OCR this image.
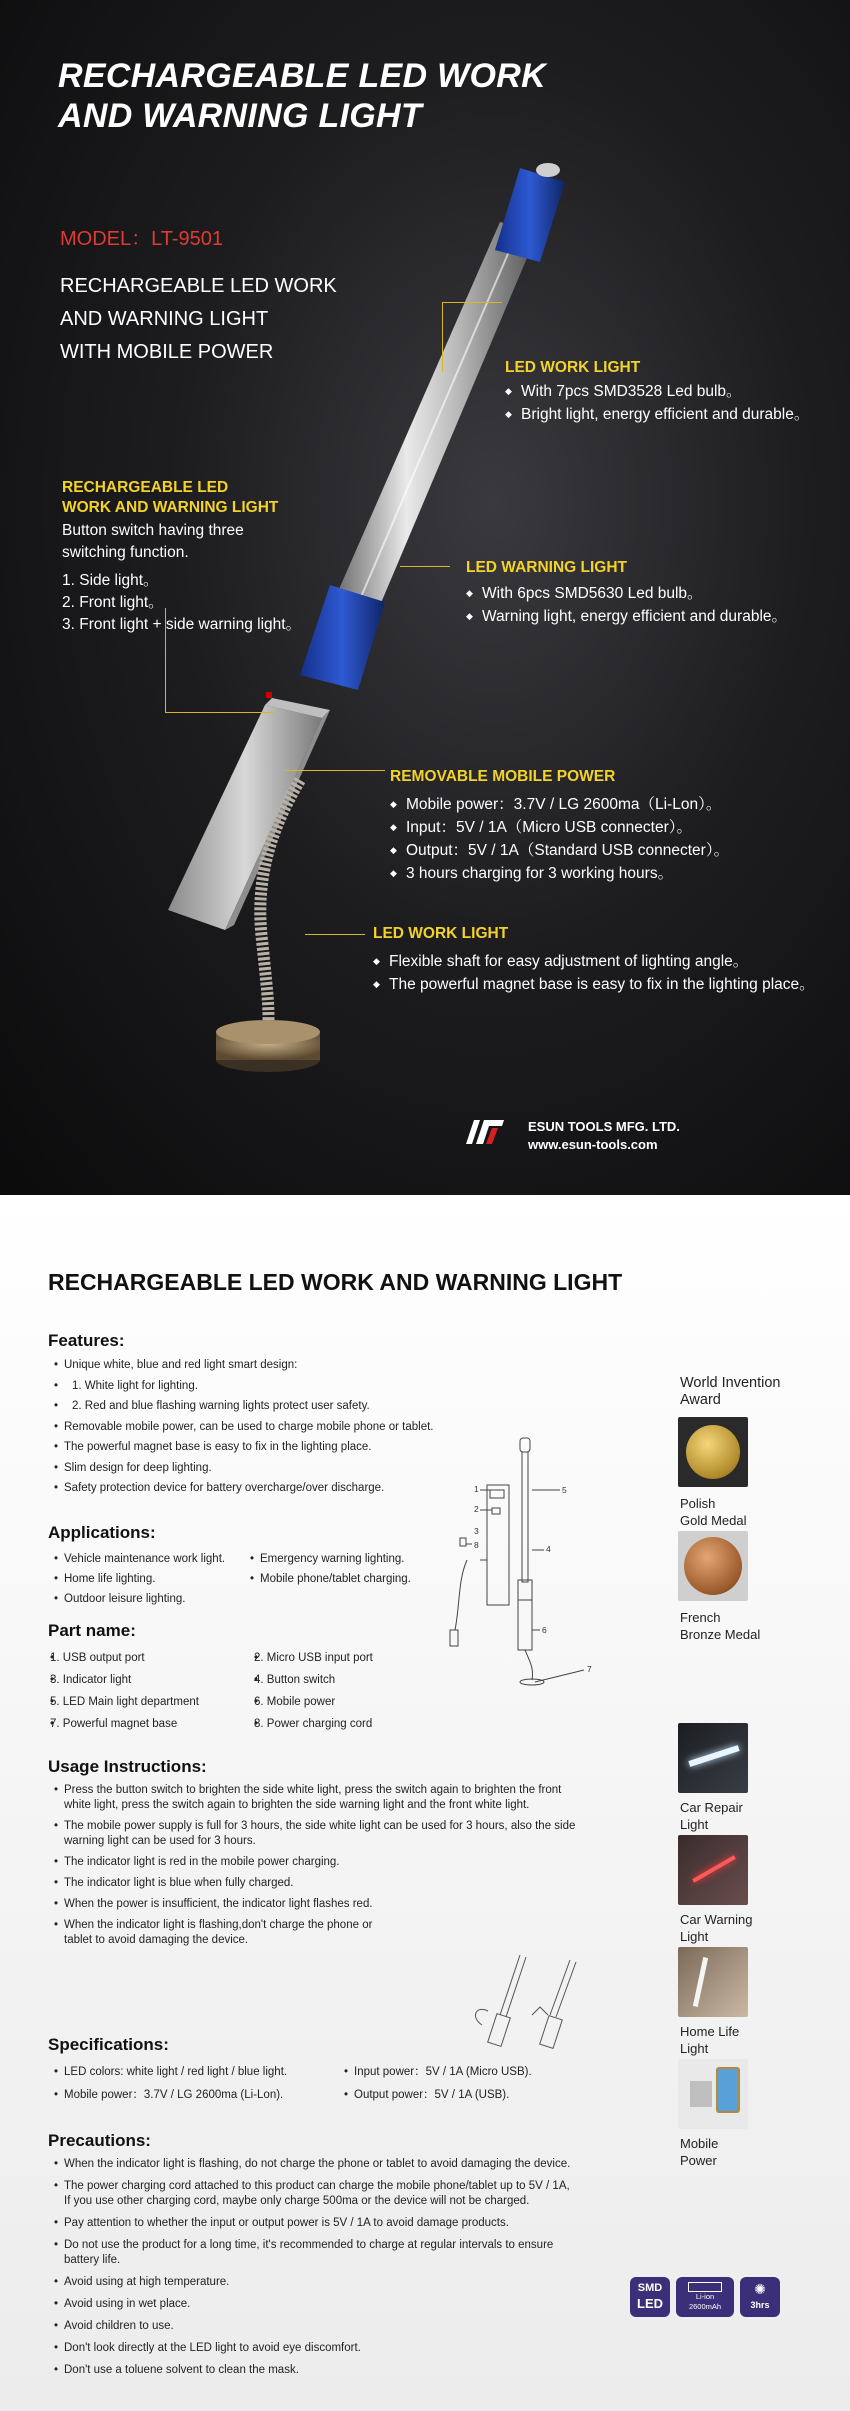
RECHARGEABLE LED WORK
AND WARNING LIGHT
MODEL：LT-9501
RECHARGEABLE LED WORK
AND WARNING LIGHT
WITH MOBILE POWER
LED WORK LIGHT
◆ With 7pcs SMD3528 Led bulb。
◆ Bright light, energy efficient and durable。
RECHARGEABLE LED
WORK AND WARNING LIGHT
Button switch having three
switching function.
1. Side light。
2. Front light。
3. Front light + side warning light。
LED WARNING LIGHT
◆ With 6pcs SMD5630 Led bulb。
◆ Warning light, energy efficient and durable。
REMOVABLE MOBILE POWER
◆ Mobile power：3.7V / LG 2600ma（Li-Lon）。
◆ Input：5V / 1A（Micro USB connecter）。
◆ Output：5V / 1A（Standard USB connecter）。
◆ 3 hours charging for 3 working hours。
LED WORK LIGHT
◆ Flexible shaft for easy adjustment of lighting angle。
◆ The powerful magnet base is easy to fix in the lighting place。
ESUN TOOLS MFG. LTD.
www.esun-tools.com
RECHARGEABLE LED WORK AND WARNING LIGHT
Features:
• Unique white, blue and red light smart design:
• 1. White light for lighting.
• 2. Red and blue flashing warning lights protect user safety.
• Removable mobile power, can be used to charge mobile phone or tablet.
• The powerful magnet base is easy to fix in the lighting place.
• Slim design for deep lighting.
• Safety protection device for battery overcharge/over discharge.
Applications:
• Vehicle maintenance work light.
• Home life lighting.
• Outdoor leisure lighting.
• Emergency warning lighting.
• Mobile phone/tablet charging.
Part name:
• 1. USB output port
• 3. Indicator light
• 5. LED Main light department
• 7. Powerful magnet base
• 2. Micro USB input port
• 4. Button switch
• 6. Mobile power
• 8. Power charging cord
1
2
3
4
5
6
7
8
Usage Instructions:
• Press the button switch to brighten the side white light, press the switch again to brighten the front white light, press the switch again to brighten the side warning light and the front white light.
• The mobile power supply is full for 3 hours, the side white light can be used for 3 hours, also the side warning light can be used for 3 hours.
• The indicator light is red in the mobile power charging.
• The indicator light is blue when fully charged.
• When the power is insufficient, the indicator light flashes red.
• When the indicator light is flashing,don't charge the phone or tablet to avoid damaging the device.
Specifications:
• LED colors: white light / red light / blue light.
• Mobile power：3.7V / LG 2600ma (Li-Lon).
• Input power：5V / 1A (Micro USB).
• Output power：5V / 1A (USB).
Precautions:
• When the indicator light is flashing, do not charge the phone or tablet to avoid damaging the device.
• The power charging cord attached to this product can charge the mobile phone/tablet up to 5V / 1A, If you use other charging cord, maybe only charge 500ma or the device will not be charged.
• Pay attention to whether the input or output power is 5V / 1A to avoid damage products.
• Do not use the product for a long time, it's recommended to charge at regular intervals to ensure battery life.
• Avoid using at high temperature.
• Avoid using in wet place.
• Avoid children to use.
• Don't look directly at the LED light to avoid eye discomfort.
• Don't use a toluene solvent to clean the mask.
World Invention
Award
Polish
Gold Medal
French
Bronze Medal
Car Repair
Light
Car Warning
Light
Home Life
Light
Mobile
Power
SMD
LED	Li-ion
2600mAh
✺
3hrs
